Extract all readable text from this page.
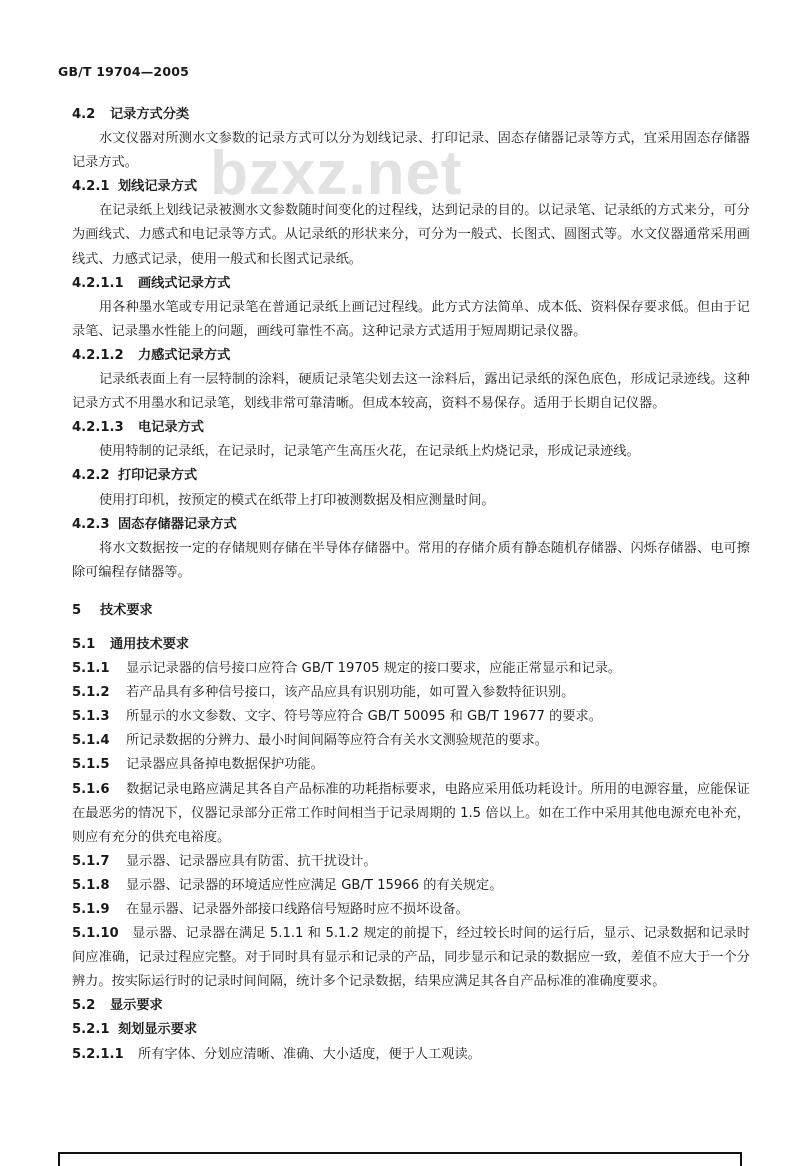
GB/T 19704—2005
bzxz.net
4.2 记录方式分类
水文仪器对所测水文参数的记录方式可以分为划线记录、打印记录、固态存储器记录等方式，宜采用固态存储器记录方式。
4.2.1 划线记录方式
在记录纸上划线记录被测水文参数随时间变化的过程线，达到记录的目的。以记录笔、记录纸的方式来分，可分为画线式、力感式和电记录等方式。从记录纸的形状来分，可分为一般式、长图式、圆图式等。水文仪器通常采用画线式、力感式记录，使用一般式和长图式记录纸。
4.2.1.1 画线式记录方式
用各种墨水笔或专用记录笔在普通记录纸上画记过程线。此方式方法简单、成本低、资料保存要求低。但由于记录笔、记录墨水性能上的问题，画线可靠性不高。这种记录方式适用于短周期记录仪器。
4.2.1.2 力感式记录方式
记录纸表面上有一层特制的涂料，硬质记录笔尖划去这一涂料后，露出记录纸的深色底色，形成记录迹线。这种记录方式不用墨水和记录笔，划线非常可靠清晰。但成本较高，资料不易保存。适用于长期自记仪器。
4.2.1.3 电记录方式
使用特制的记录纸，在记录时，记录笔产生高压火花，在记录纸上灼烧记录，形成记录迹线。
4.2.2 打印记录方式
使用打印机，按预定的模式在纸带上打印被测数据及相应测量时间。
4.2.3 固态存储器记录方式
将水文数据按一定的存储规则存储在半导体存储器中。常用的存储介质有静态随机存储器、闪烁存储器、电可擦除可编程存储器等。
5 技术要求
5.1 通用技术要求
5.1.1 显示记录器的信号接口应符合 GB/T 19705 规定的接口要求，应能正常显示和记录。
5.1.2 若产品具有多种信号接口，该产品应具有识别功能，如可置入参数特征识别。
5.1.3 所显示的水文参数、文字、符号等应符合 GB/T 50095 和 GB/T 19677 的要求。
5.1.4 所记录数据的分辨力、最小时间间隔等应符合有关水文测验规范的要求。
5.1.5 记录器应具备掉电数据保护功能。
5.1.6 数据记录电路应满足其各自产品标准的功耗指标要求，电路应采用低功耗设计。所用的电源容量，应能保证在最恶劣的情况下，仪器记录部分正常工作时间相当于记录周期的 1.5 倍以上。如在工作中采用其他电源充电补充，则应有充分的供充电裕度。
5.1.7 显示器、记录器应具有防雷、抗干扰设计。
5.1.8 显示器、记录器的环境适应性应满足 GB/T 15966 的有关规定。
5.1.9 在显示器、记录器外部接口线路信号短路时应不损坏设备。
5.1.10 显示器、记录器在满足 5.1.1 和 5.1.2 规定的前提下，经过较长时间的运行后，显示、记录数据和记录时间应准确，记录过程应完整。对于同时具有显示和记录的产品，同步显示和记录的数据应一致，差值不应大于一个分辨力。按实际运行时的记录时间间隔，统计多个记录数据，结果应满足其各自产品标准的准确度要求。
5.2 显示要求
5.2.1 刻划显示要求
5.2.1.1 所有字体、分划应清晰、准确、大小适度，便于人工观读。
